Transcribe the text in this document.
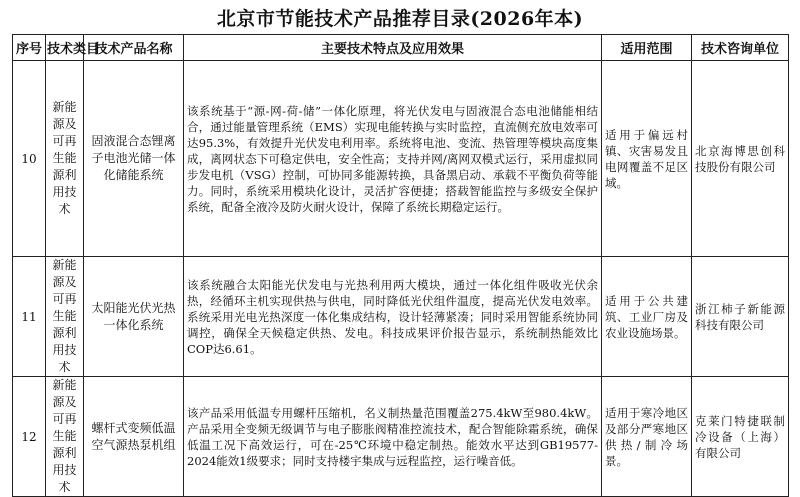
北京市节能技术产品推荐目录(2026年本)
序号	技术类目	技术产品名称	主要技术特点及应用效果	适用范围	技术咨询单位
10	新能源及可再生能源利用技术	固液混合态锂离子电池光储一体化储能系统	该系统基于“源-网-荷-储”一体化原理，将光伏发电与固液混合态电池储能相结合，通过能量管理系统（EMS）实现电能转换与实时监控，直流侧充放电效率可达95.3%，有效提升光伏发电利用率。系统将电池、变流、热管理等模块高度集成，离网状态下可稳定供电，安全性高；支持并网/离网双模式运行，采用虚拟同步发电机（VSG）控制，可协同多能源转换，具备黑启动、承载不平衡负荷等能力。同时，系统采用模块化设计，灵活扩容便捷；搭载智能监控与多级安全保护系统，配备全液冷及防火耐火设计，保障了系统长期稳定运行。	适用于偏远村镇、灾害易发且电网覆盖不足区域。	北京海博思创科技股份有限公司
11	新能源及可再生能源利用技术	太阳能光伏光热一体化系统	该系统融合太阳能光伏发电与光热利用两大模块，通过一体化组件吸收光伏余热，经循环主机实现供热与供电，同时降低光伏组件温度，提高光伏发电效率。系统采用光电光热深度一体化集成结构，设计轻薄紧凑；同时采用智能系统协同调控，确保全天候稳定供热、发电。科技成果评价报告显示，系统制热能效比COP达6.61。	适用于公共建筑、工业厂房及农业设施场景。	浙江柿子新能源科技有限公司
12	新能源及可再生能源利用技术	螺杆式变频低温空气源热泵机组	该产品采用低温专用螺杆压缩机，名义制热量范围覆盖275.4kW至980.4kW。产品采用全变频无级调节与电子膨胀阀精准控流技术，配合智能除霜系统，确保低温工况下高效运行，可在-25℃环境中稳定制热。能效水平达到GB19577-2024能效1级要求；同时支持楼宇集成与远程监控，运行噪音低。	适用于寒冷地区及部分严寒地区供热/制冷场景。	克莱门特捷联制冷设备（上海）有限公司
